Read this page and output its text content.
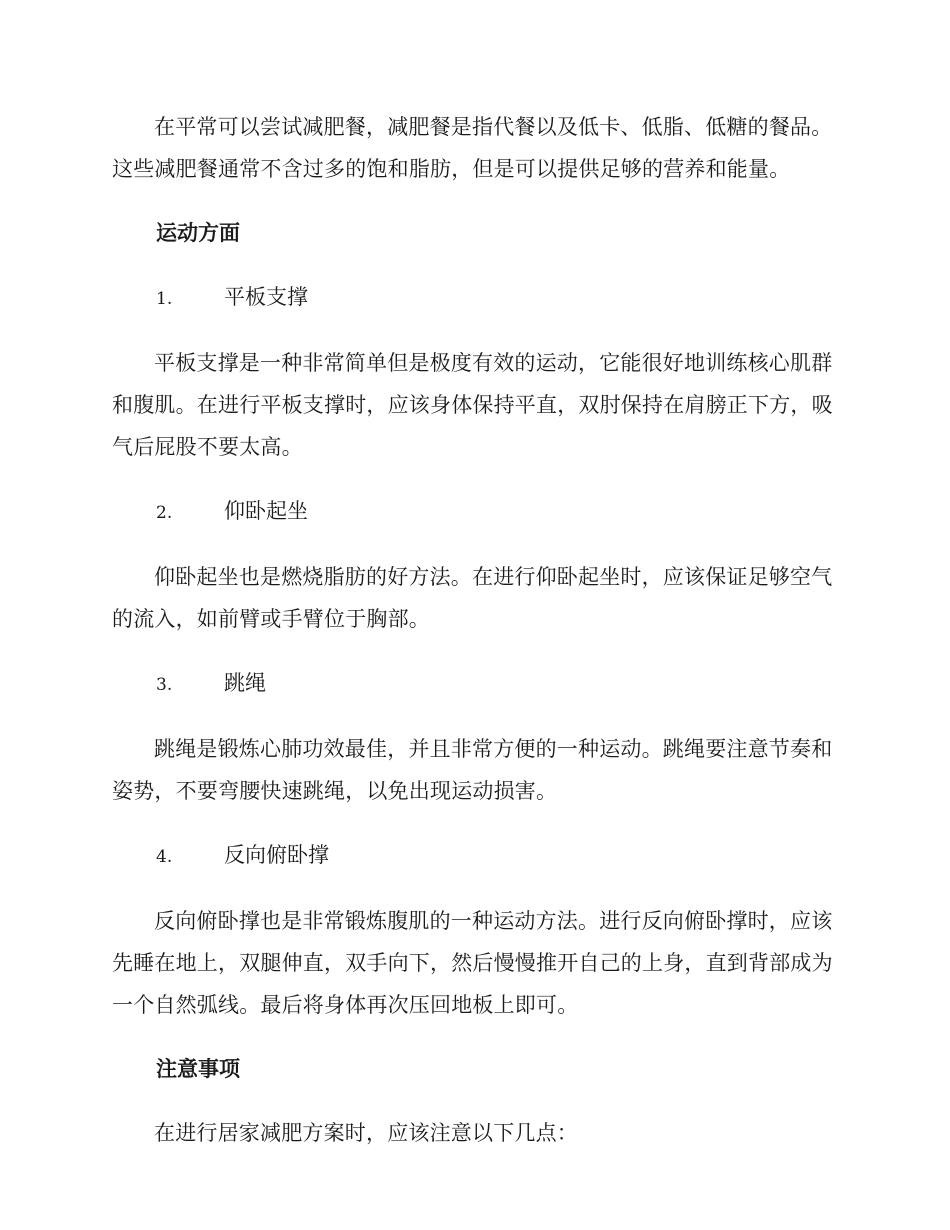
在平常可以尝试减肥餐，减肥餐是指代餐以及低卡、低脂、低糖的餐品。这些减肥餐通常不含过多的饱和脂肪，但是可以提供足够的营养和能量。

运动方面
1.	平板支撑

平板支撑是一种非常简单但是极度有效的运动，它能很好地训练核心肌群和腹肌。在进行平板支撑时，应该身体保持平直，双肘保持在肩膀正下方，吸气后屁股不要太高。

2.	仰卧起坐

仰卧起坐也是燃烧脂肪的好方法。在进行仰卧起坐时，应该保证足够空气的流入，如前臂或手臂位于胸部。

3.	跳绳

跳绳是锻炼心肺功效最佳，并且非常方便的一种运动。跳绳要注意节奏和姿势，不要弯腰快速跳绳，以免出现运动损害。

4.	反向俯卧撑

反向俯卧撑也是非常锻炼腹肌的一种运动方法。进行反向俯卧撑时，应该先睡在地上，双腿伸直，双手向下，然后慢慢推开自己的上身，直到背部成为一个自然弧线。最后将身体再次压回地板上即可。

注意事项

在进行居家减肥方案时，应该注意以下几点：
